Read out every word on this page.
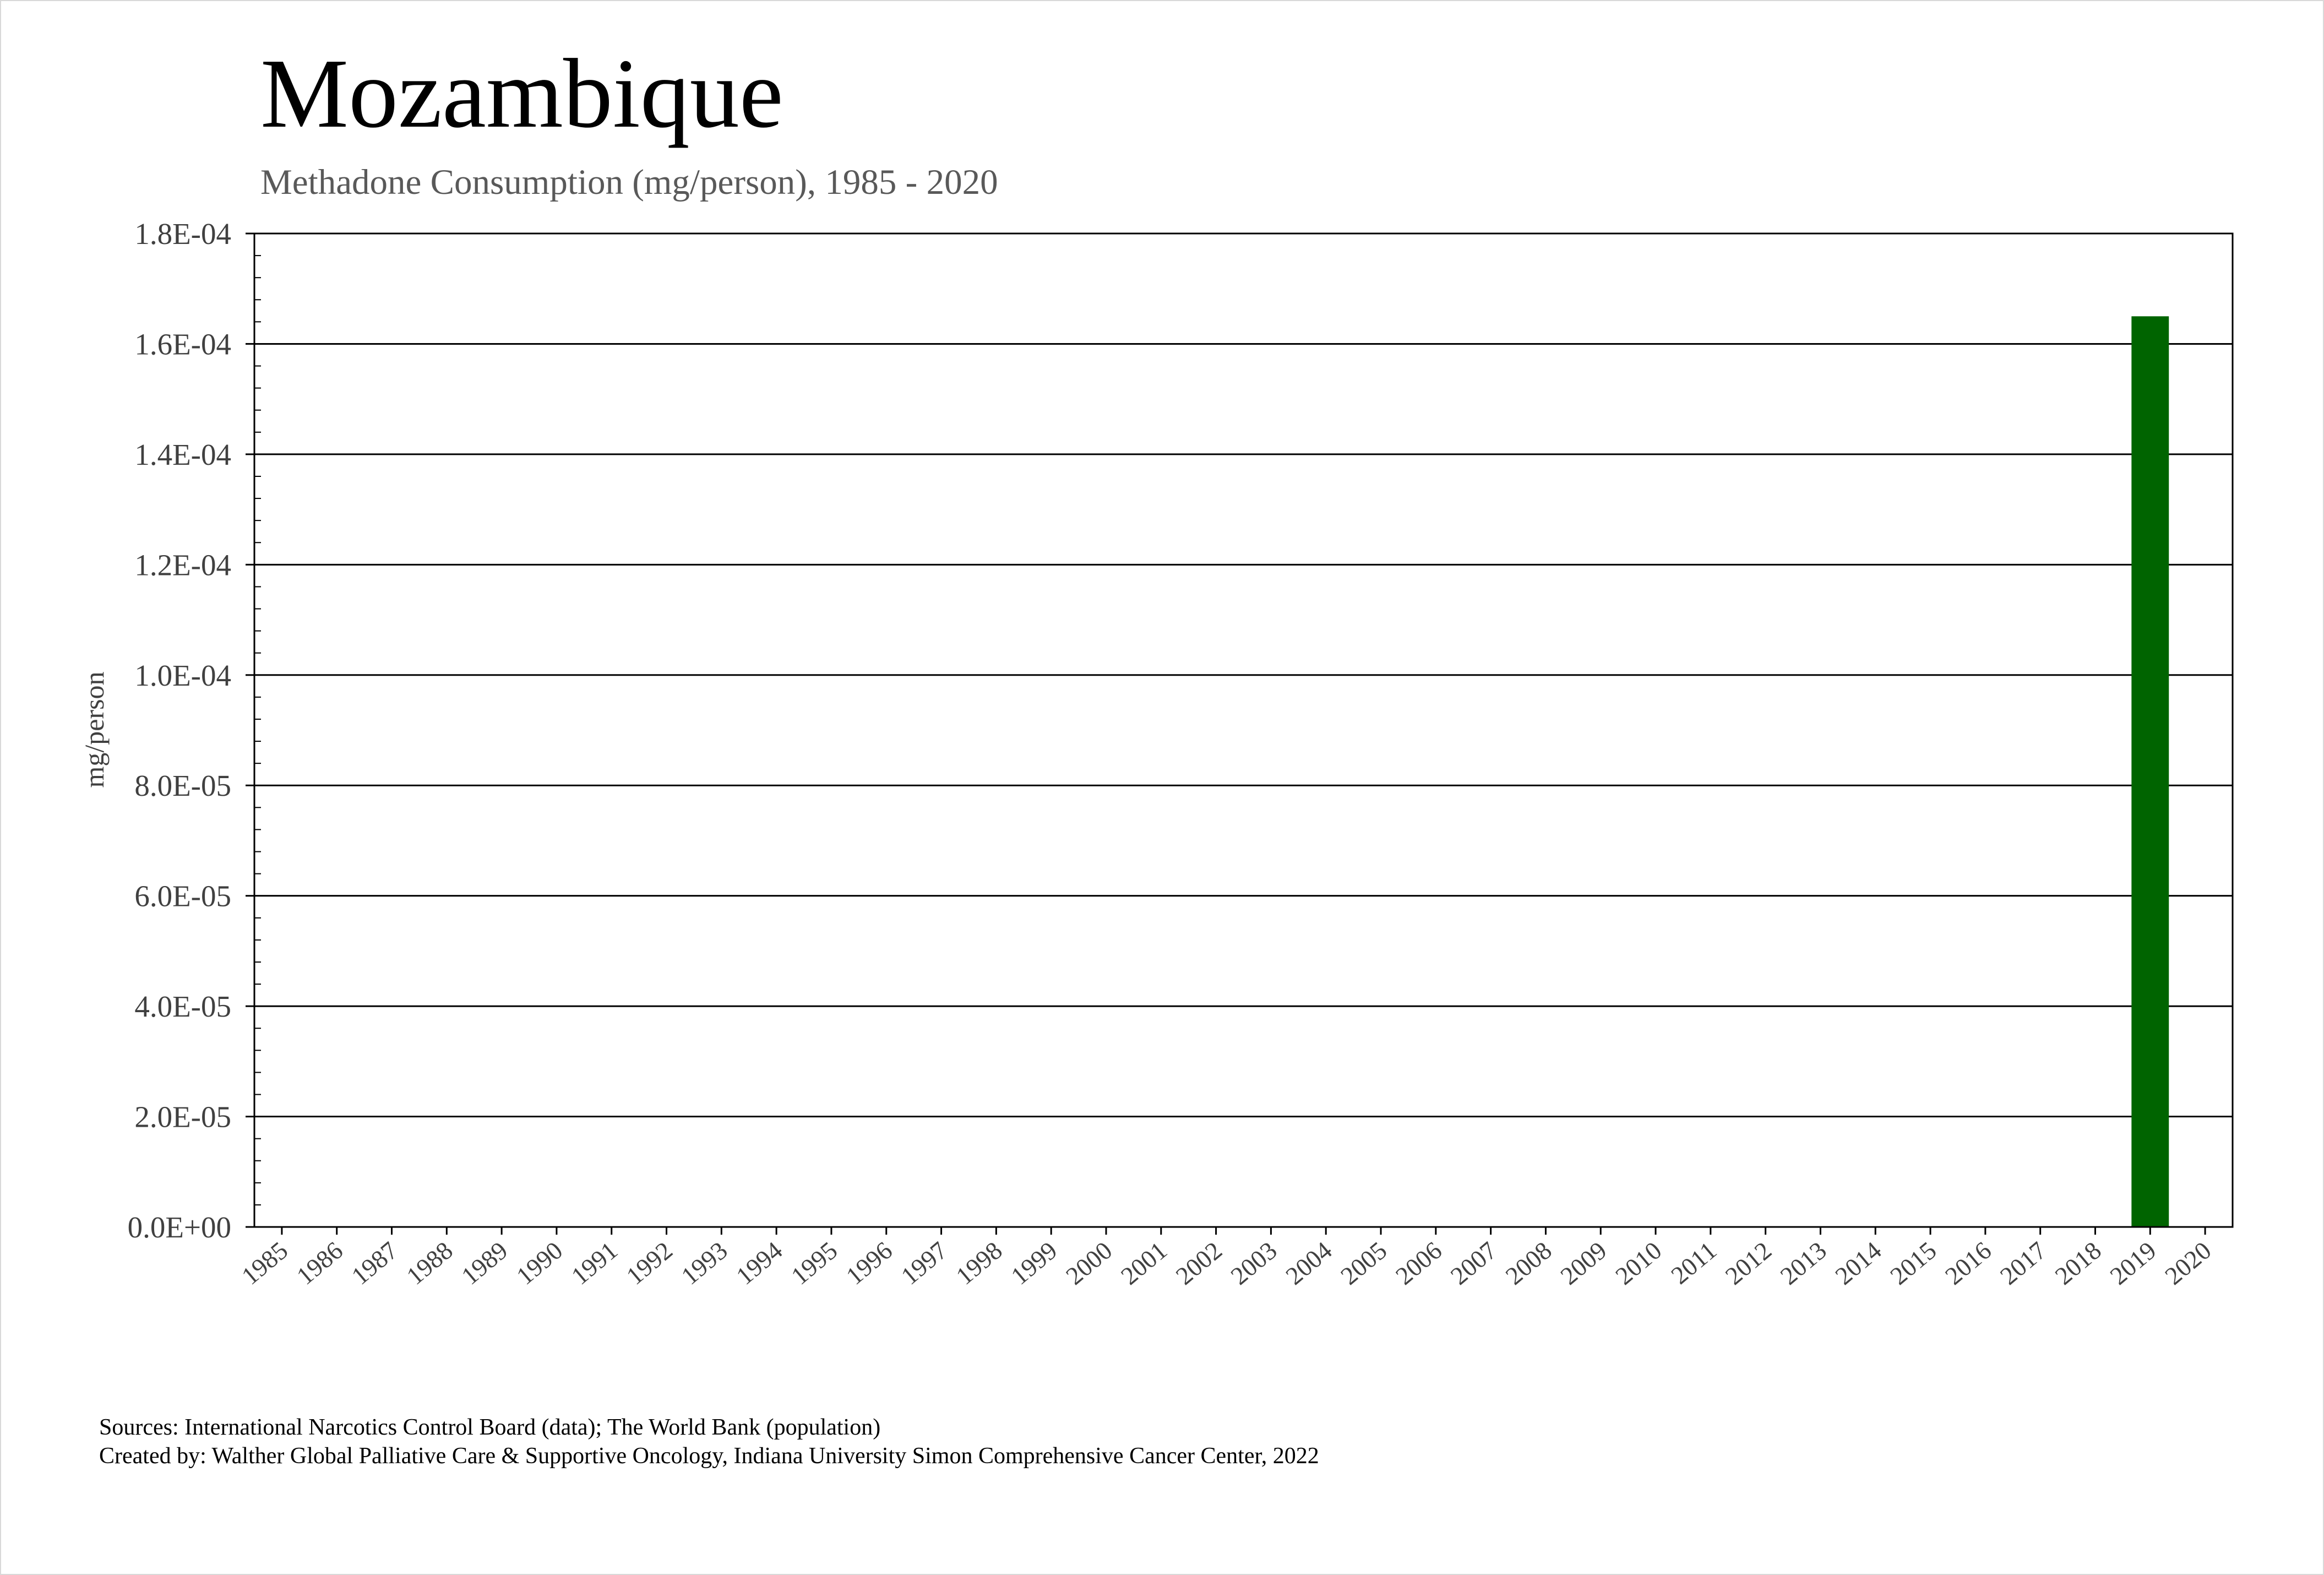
Mozambique
Methadone Consumption (mg/person), 1985 - 2020
mg/person
0.0E+00
2.0E-05
4.0E-05
6.0E-05
8.0E-05
1.0E-04
1.2E-04
1.4E-04
1.6E-04
1.8E-04
1985
1986
1987
1988
1989
1990
1991
1992
1993
1994
1995
1996
1997
1998
1999
2000
2001
2002
2003
2004
2005
2006
2007
2008
2009
2010
2011
2012
2013
2014
2015
2016
2017
2018
2019
2020
Sources: International Narcotics Control Board (data); The World Bank (population)
Created by: Walther Global Palliative Care & Supportive Oncology, Indiana University Simon Comprehensive Cancer Center, 2022
